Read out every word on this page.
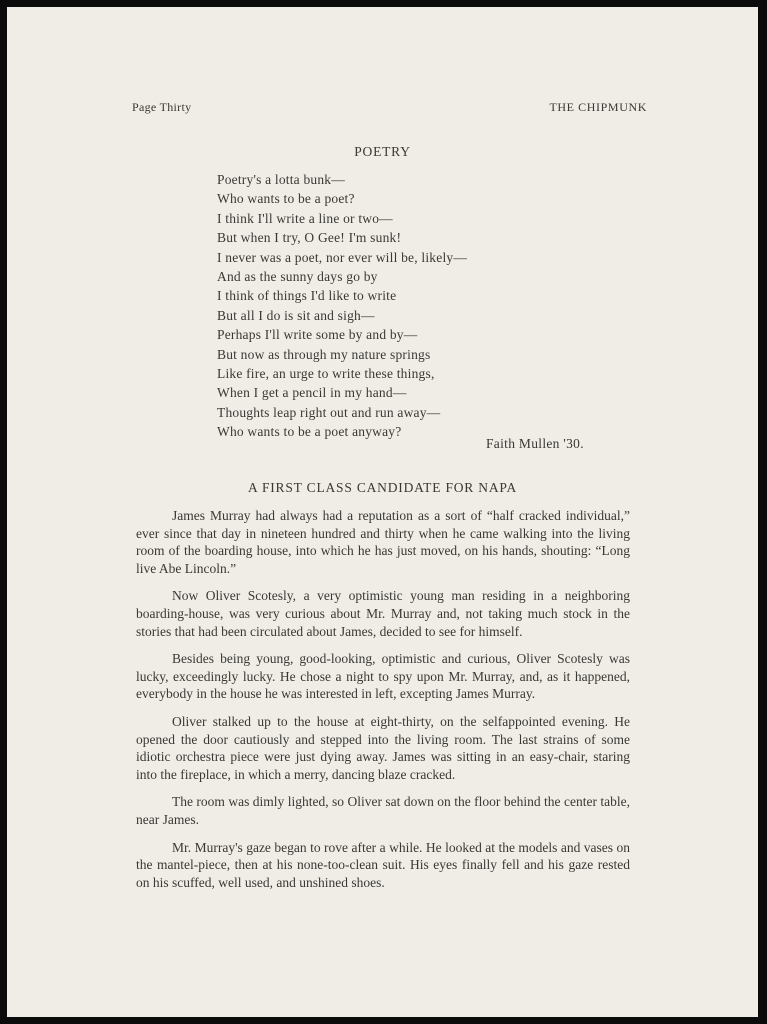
Page Thirty	THE CHIPMUNK
POETRY
Poetry's a lotta bunk—
Who wants to be a poet?
I think I'll write a line or two—
But when I try, O Gee! I'm sunk!
I never was a poet, nor ever will be, likely—
And as the sunny days go by
I think of things I'd like to write
But all I do is sit and sigh—
Perhaps I'll write some by and by—
But now as through my nature springs
Like fire, an urge to write these things,
When I get a pencil in my hand—
Thoughts leap right out and run away—
Who wants to be a poet anyway?
Faith Mullen '30.
A FIRST CLASS CANDIDATE FOR NAPA

James Murray had always had a reputation as a sort of “half cracked individual,” ever since that day in nineteen hundred and thirty when he came walking into the living room of the boarding house, into which he has just moved, on his hands, shouting: “Long live Abe Lincoln.”

Now Oliver Scotesly, a very optimistic young man residing in a neighboring boarding-house, was very curious about Mr. Murray and, not taking much stock in the stories that had been circulated about James, decided to see for himself.

Besides being young, good-looking, optimistic and curious, Oliver Scotesly was lucky, exceedingly lucky. He chose a night to spy upon Mr. Murray, and, as it happened, everybody in the house he was interested in left, excepting James Murray.

Oliver stalked up to the house at eight-thirty, on the selfappointed evening. He opened the door cautiously and stepped into the living room. The last strains of some idiotic orchestra piece were just dying away. James was sitting in an easy-chair, staring into the fireplace, in which a merry, dancing blaze cracked.

The room was dimly lighted, so Oliver sat down on the floor behind the center table, near James.

Mr. Murray's gaze began to rove after a while. He looked at the models and vases on the mantel-piece, then at his none-too-clean suit. His eyes finally fell and his gaze rested on his scuffed, well used, and unshined shoes.
